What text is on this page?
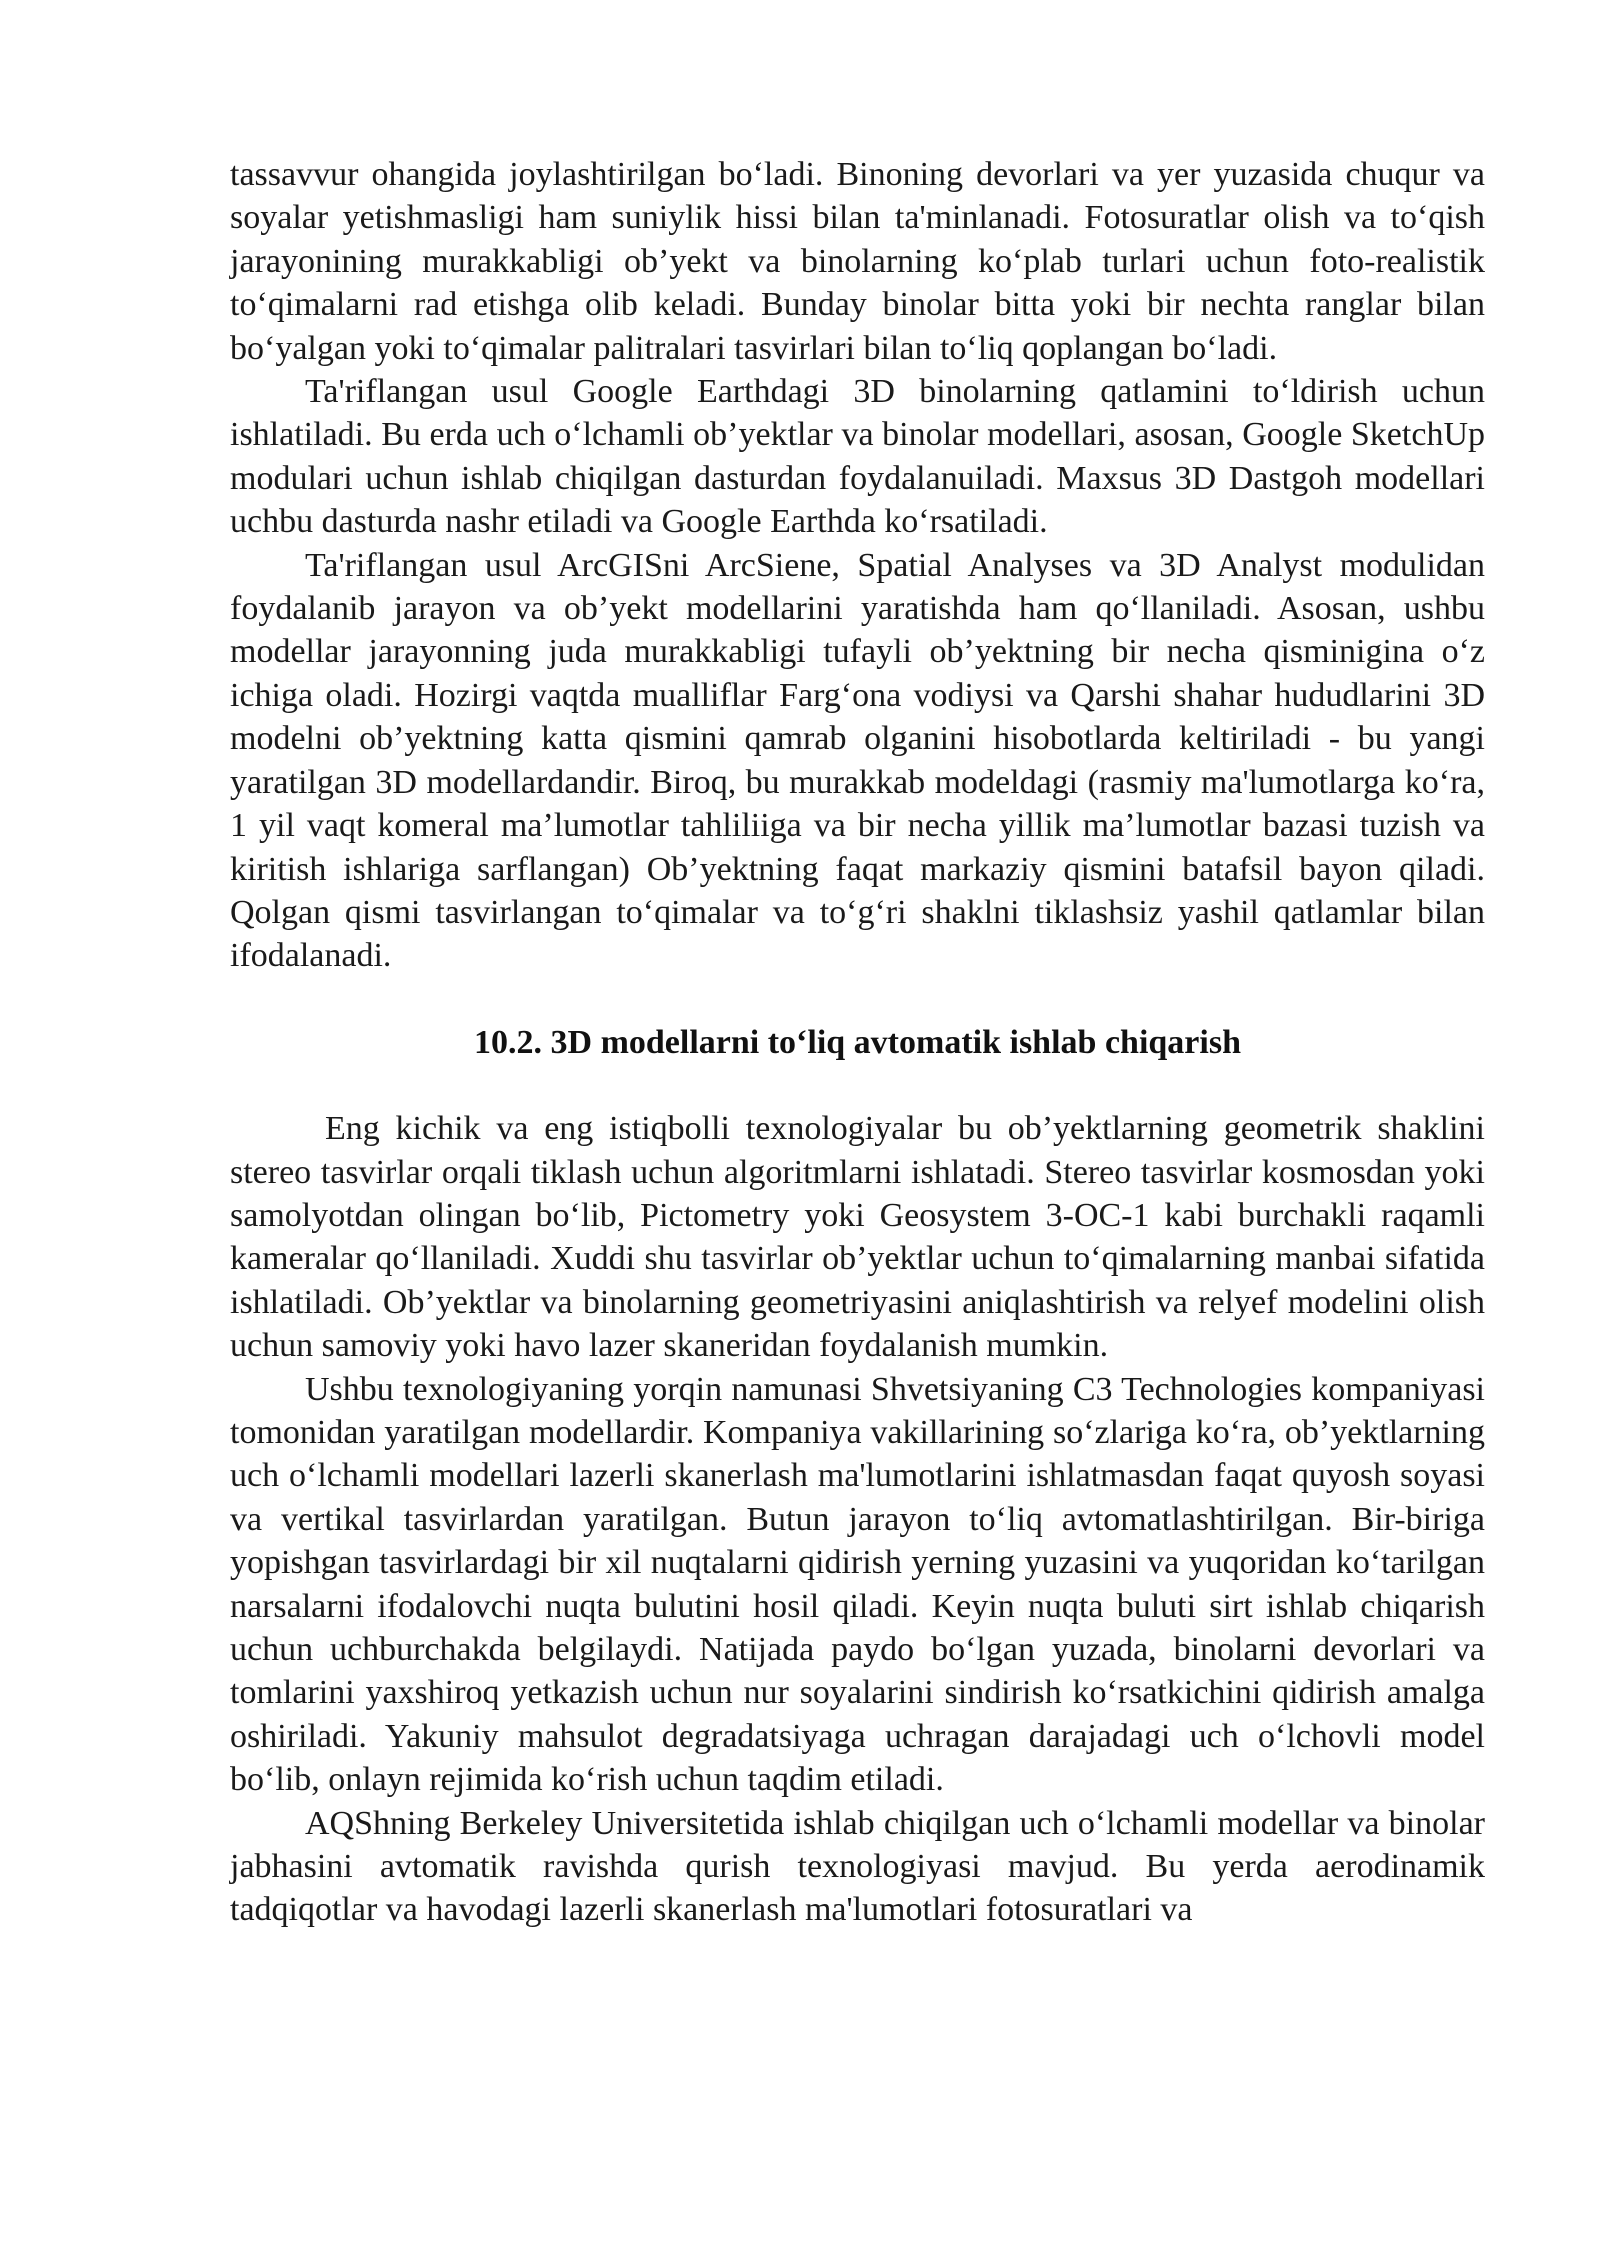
tassavvur ohangida joylashtirilgan bo‘ladi. Binoning devorlari va yer yuzasida chuqur va soyalar yetishmasligi ham suniylik hissi bilan ta'minlanadi. Fotosuratlar olish va to‘qish jarayonining murakkabligi ob’yekt va binolarning ko‘plab turlari uchun foto-realistik to‘qimalarni rad etishga olib keladi. Bunday binolar bitta yoki bir nechta ranglar bilan bo‘yalgan yoki to‘qimalar palitralari tasvirlari bilan to‘liq qoplangan bo‘ladi.

Ta'riflangan usul Google Earthdagi 3D binolarning qatlamini to‘ldirish uchun ishlatiladi. Bu erda uch o‘lchamli ob’yektlar va binolar modellari, asosan, Google SketchUp modulari uchun ishlab chiqilgan dasturdan foydalanuiladi. Maxsus 3D Dastgoh modellari uchbu dasturda nashr etiladi va Google Earthda ko‘rsatiladi.

Ta'riflangan usul ArcGISni ArcSiene, Spatial Analyses va 3D Analyst modulidan foydalanib jarayon va ob’yekt modellarini yaratishda ham qo‘llaniladi. Asosan, ushbu modellar jarayonning juda murakkabligi tufayli ob’yektning bir necha qisminigina o‘z ichiga oladi. Hozirgi vaqtda mualliflar Farg‘ona vodiysi va Qarshi shahar hududlarini 3D modelni ob’yektning katta qismini qamrab olganini hisobotlarda keltiriladi - bu yangi yaratilgan 3D modellardandir. Biroq, bu murakkab modeldagi (rasmiy ma'lumotlarga ko‘ra, 1 yil vaqt komeral ma’lumotlar tahliliiga va bir necha yillik ma’lumotlar bazasi tuzish va kiritish ishlariga sarflangan) Ob’yektning faqat markaziy qismini batafsil bayon qiladi. Qolgan qismi tasvirlangan to‘qimalar va to‘g‘ri shaklni tiklashsiz yashil qatlamlar bilan ifodalanadi.

10.2. 3D modellarni to‘liq avtomatik ishlab chiqarish

Eng kichik va eng istiqbolli texnologiyalar bu ob’yektlarning geometrik shaklini stereo tasvirlar orqali tiklash uchun algoritmlarni ishlatadi. Stereo tasvirlar kosmosdan yoki samolyotdan olingan bo‘lib, Pictometry yoki Geosystem 3-OC-1 kabi burchakli raqamli kameralar qo‘llaniladi. Xuddi shu tasvirlar ob’yektlar uchun to‘qimalarning manbai sifatida ishlatiladi. Ob’yektlar va binolarning geometriyasini aniqlashtirish va relyef modelini olish uchun samoviy yoki havo lazer skaneridan foydalanish mumkin.

Ushbu texnologiyaning yorqin namunasi Shvetsiyaning C3 Technologies kompaniyasi tomonidan yaratilgan modellardir. Kompaniya vakillarining so‘zlariga ko‘ra, ob’yektlarning uch o‘lchamli modellari lazerli skanerlash ma'lumotlarini ishlatmasdan faqat quyosh soyasi va vertikal tasvirlardan yaratilgan. Butun jarayon to‘liq avtomatlashtirilgan. Bir-biriga yopishgan tasvirlardagi bir xil nuqtalarni qidirish yerning yuzasini va yuqoridan ko‘tarilgan narsalarni ifodalovchi nuqta bulutini hosil qiladi. Keyin nuqta buluti sirt ishlab chiqarish uchun uchburchakda belgilaydi. Natijada paydo bo‘lgan yuzada, binolarni devorlari va tomlarini yaxshiroq yetkazish uchun nur soyalarini sindirish ko‘rsatkichini qidirish amalga oshiriladi. Yakuniy mahsulot degradatsiyaga uchragan darajadagi uch o‘lchovli model bo‘lib, onlayn rejimida ko‘rish uchun taqdim etiladi.

AQShning Berkeley Universitetida ishlab chiqilgan uch o‘lchamli modellar va binolar jabhasini avtomatik ravishda qurish texnologiyasi mavjud. Bu yerda aerodinamik tadqiqotlar va havodagi lazerli skanerlash ma'lumotlari fotosuratlari va
